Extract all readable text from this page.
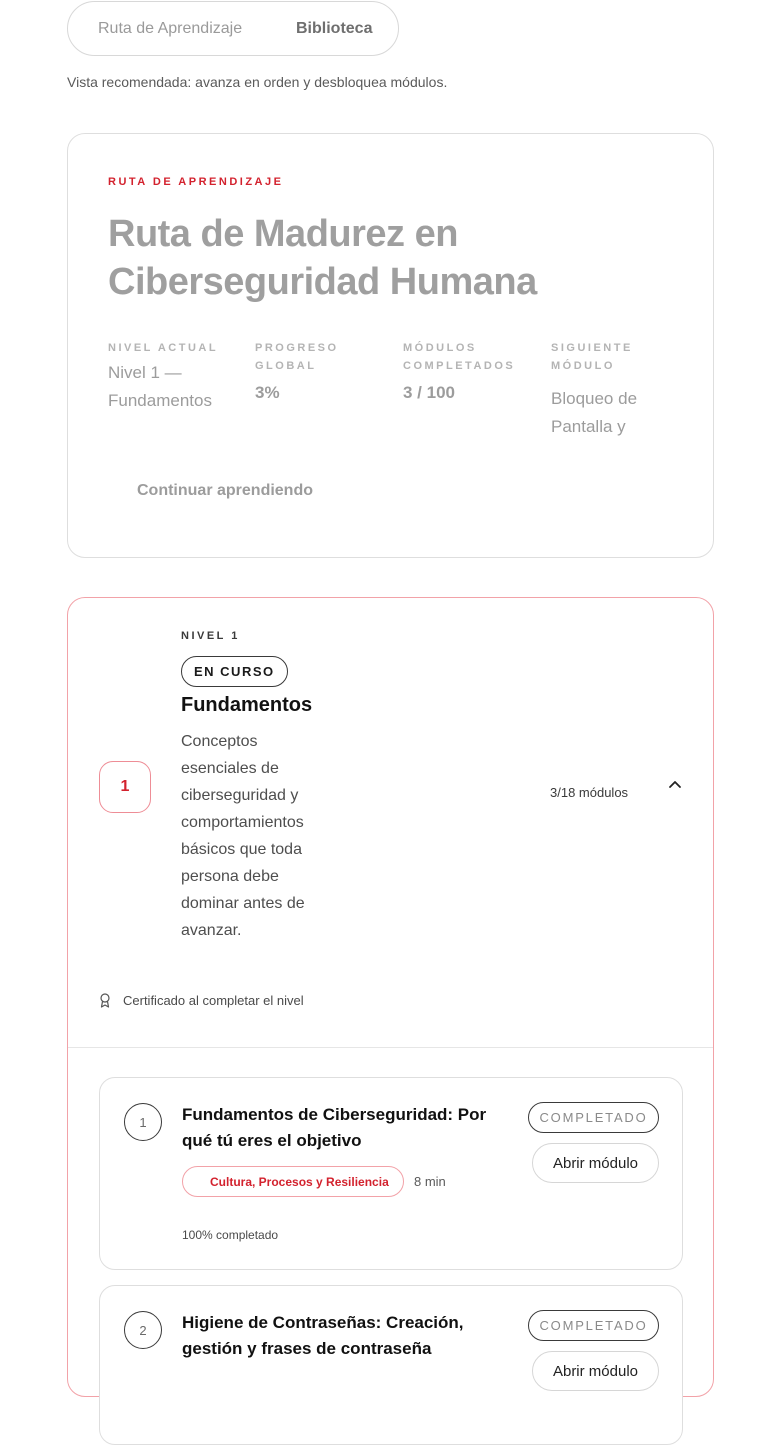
Ruta de Aprendizaje	Biblioteca
Vista recomendada: avanza en orden y desbloquea módulos.
RUTA DE APRENDIZAJE
Ruta de Madurez en Ciberseguridad Humana
NIVEL ACTUAL
Nivel 1 — Fundamentos
PROGRESO GLOBAL
3%
MÓDULOS COMPLETADOS
3 / 100
SIGUIENTE MÓDULO
Bloqueo de Pantalla y
Continuar aprendiendo
1
NIVEL 1
EN CURSO
Fundamentos
Conceptos esenciales de ciberseguridad y comportamientos básicos que toda persona debe dominar antes de avanzar.
3/18 módulos
Certificado al completar el nivel
1	Fundamentos de Ciberseguridad: Por qué tú eres el objetivo
COMPLETADO
Abrir módulo
Cultura, Procesos y Resiliencia	8 min
100% completado
2	Higiene de Contraseñas: Creación, gestión y frases de contraseña
COMPLETADO
Abrir módulo
